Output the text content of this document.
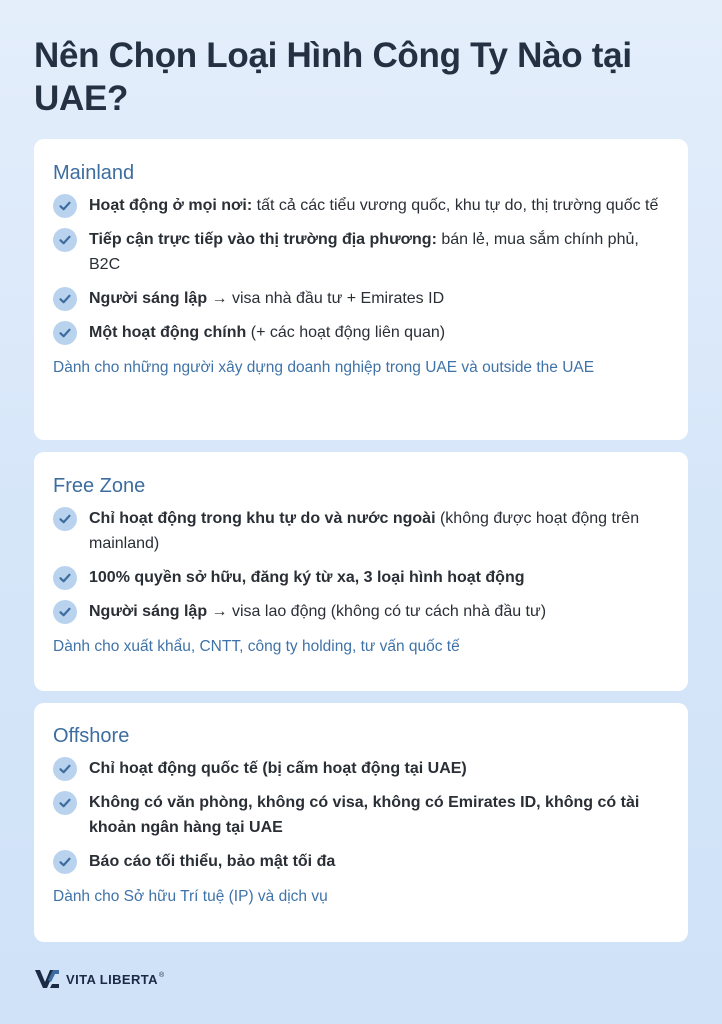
Nên Chọn Loại Hình Công Ty Nào tại UAE?
Mainland
Hoạt động ở mọi nơi: tất cả các tiểu vương quốc, khu tự do, thị trường quốc tế
Tiếp cận trực tiếp vào thị trường địa phương: bán lẻ, mua sắm chính phủ, B2C
Người sáng lập → visa nhà đầu tư + Emirates ID
Một hoạt động chính (+ các hoạt động liên quan)

Dành cho những người xây dựng doanh nghiệp trong UAE và outside the UAE

Free Zone
Chỉ hoạt động trong khu tự do và nước ngoài (không được hoạt động trên mainland)
100% quyền sở hữu, đăng ký từ xa, 3 loại hình hoạt động
Người sáng lập → visa lao động (không có tư cách nhà đầu tư)

Dành cho xuất khẩu, CNTT, công ty holding, tư vấn quốc tế

Offshore
Chỉ hoạt động quốc tế (bị cấm hoạt động tại UAE)
Không có văn phòng, không có visa, không có Emirates ID, không có tài khoản ngân hàng tại UAE
Báo cáo tối thiểu, bảo mật tối đa

Dành cho Sở hữu Trí tuệ (IP) và dịch vụ

VITA LIBERTA ®
